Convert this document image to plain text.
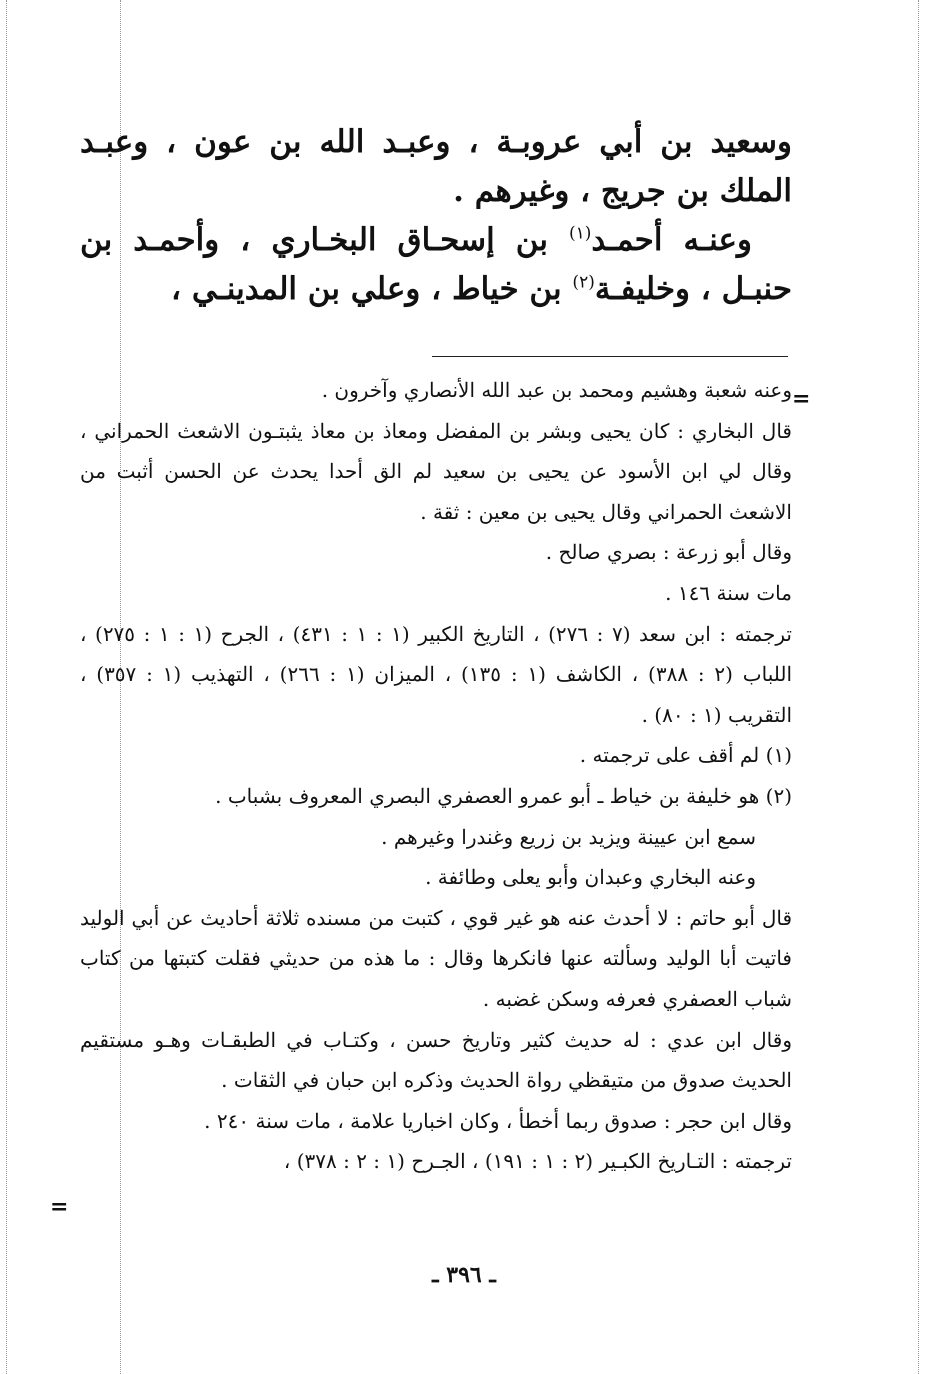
وسعيد بن أبي عروبـة ، وعبـد الله بن عون ، وعبـد الملك بن جريج ، وغيرهم .

وعنـه أحمـد$^{(١)}$ بن إسحـاق البخـاري ، وأحمـد بن حنبـل ، وخليفـة$^{(٢)}$ بن خياط ، وعلي بن المدينـي ،

=
=

وعنه شعبة وهشيم ومحمد بن عبد الله الأنصاري وآخرون .

قال البخاري : كان يحيى وبشر بن المفضل ومعاذ بن معاذ يثبتـون الاشعث الحمراني ، وقال لي ابن الأسود عن يحيى بن سعيد لم الق أحدا يحدث عن الحسن أثبت من الاشعث الحمراني وقال يحيى بن معين : ثقة .

وقال أبو زرعة : بصري صالح .

مات سنة ١٤٦ .

ترجمته : ابن سعد (٧ : ٢٧٦) ، التاريخ الكبير (١ : ١ : ٤٣١) ، الجرح (١ : ١ : ٢٧٥) ، اللباب (٢ : ٣٨٨) ، الكاشف (١ : ١٣٥) ، الميزان (١ : ٢٦٦) ، التهذيب (١ : ٣٥٧) ، التقريب (١ : ٨٠) .

(١) لم أقف على ترجمته .

(٢) هو خليفة بن خياط ـ أبو عمرو العصفري البصري المعروف بشباب .

سمع ابن عيينة ويزيد بن زريع وغندرا وغيرهم .

وعنه البخاري وعبدان وأبو يعلى وطائفة .

قال أبو حاتم : لا أحدث عنه هو غير قوي ، كتبت من مسنده ثلاثة أحاديث عن أبي الوليد فاتيت أبا الوليد وسألته عنها فانكرها وقال : ما هذه من حديثي فقلت كتبتها من كتاب شباب العصفري فعرفه وسكن غضبه .

وقال ابن عدي : له حديث كثير وتاريخ حسن ، وكتـاب في الطبقـات وهـو مستقيم الحديث صدوق من متيقظي رواة الحديث وذكره ابن حبان في الثقات .

وقال ابن حجر : صدوق ربما أخطأ ، وكان اخباريا علامة ، مات سنة ٢٤٠ .

ترجمته : التـاريخ الكبـير (٢ : ١ : ١٩١) ، الجـرح (١ : ٢ : ٣٧٨) ،

ـ ٣٩٦ ـ
